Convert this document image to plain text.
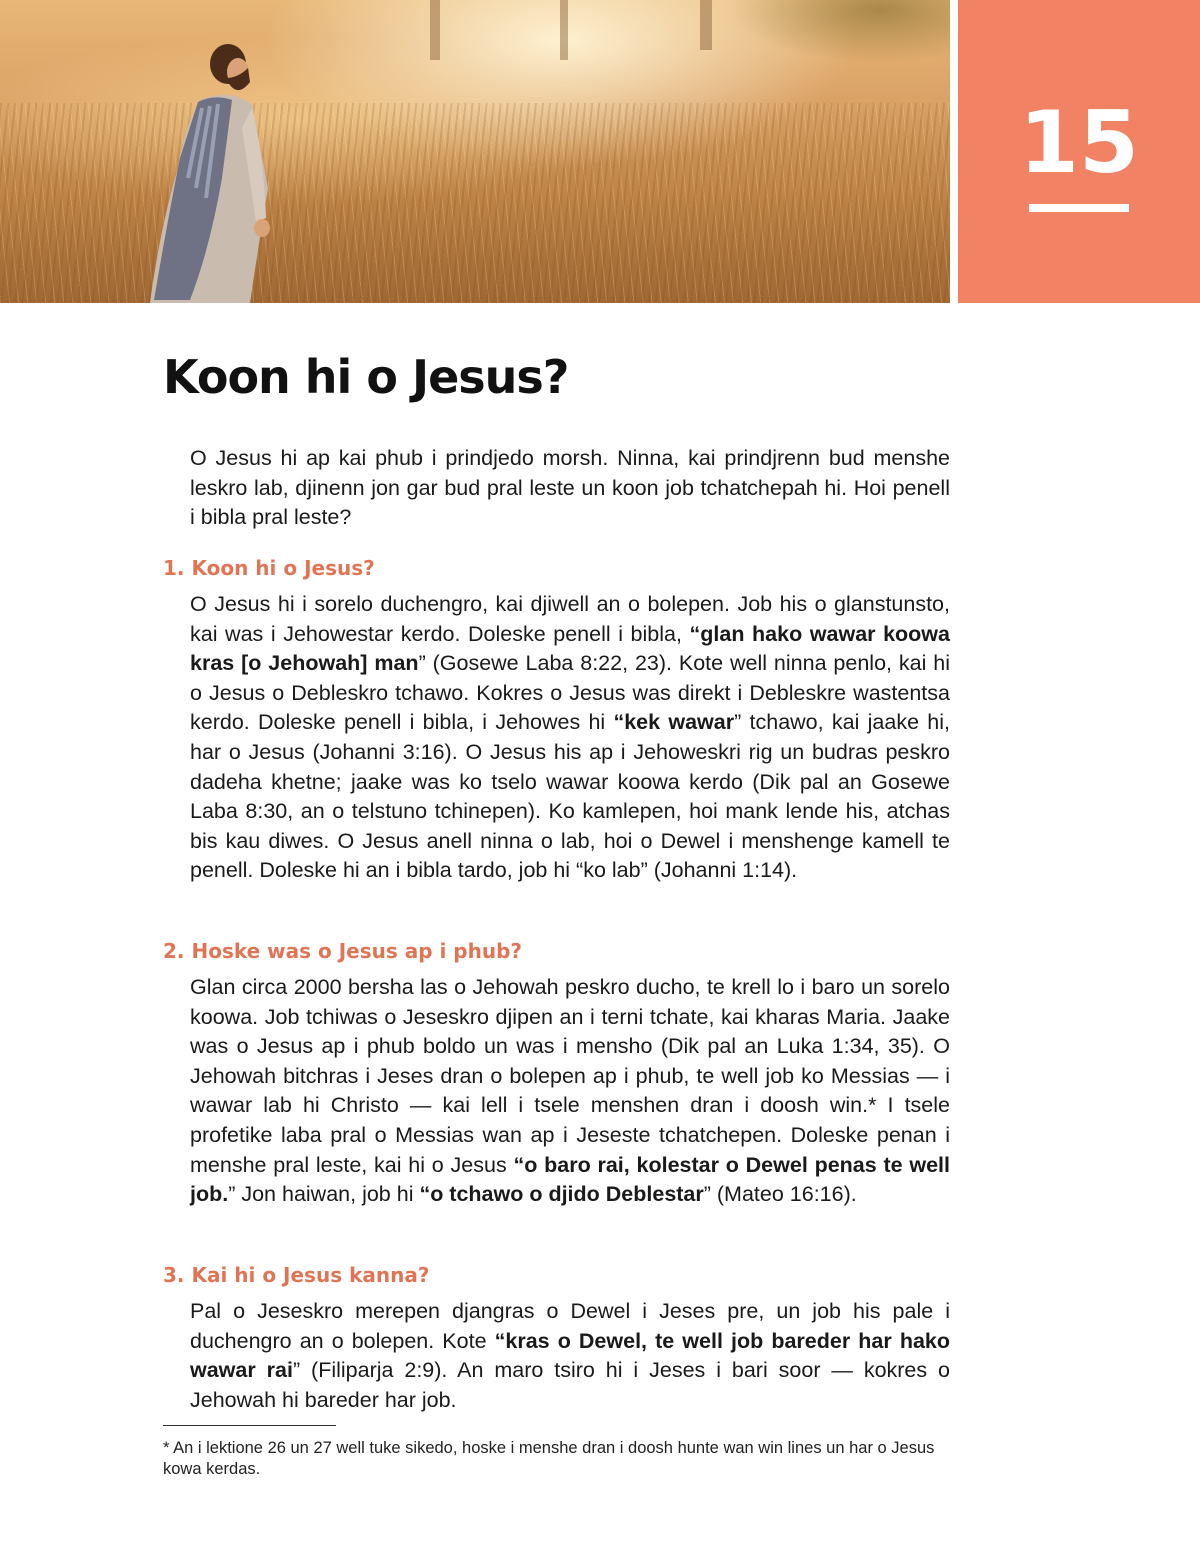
15
Koon hi o Jesus?

O Jesus hi ap kai phub i prindjedo morsh. Ninna, kai prindjrenn bud menshe leskro lab, djinenn jon gar bud pral leste un koon job tchatchepah hi. Hoi penell i bibla pral leste?

1. Koon hi o Jesus?

O Jesus hi i sorelo duchengro, kai djiwell an o bolepen. Job his o glanstunsto, kai was i Jehowestar kerdo. Doleske penell i bibla, “glan hako wawar koowa kras [o Jehowah] man” (Gosewe Laba 8:22, 23). Kote well ninna penlo, kai hi o Jesus o Debleskro tchawo. Kokres o Jesus was direkt i Debleskre wastentsa kerdo. Doleske penell i bibla, i Jehowes hi “kek wawar” tchawo, kai jaake hi, har o Jesus (Johanni 3:16). O Jesus his ap i Jehoweskri rig un budras peskro dadeha khetne; jaake was ko tselo wawar koowa kerdo (Dik pal an Gosewe Laba 8:30, an o telstuno tchinepen). Ko kamlepen, hoi mank lende his, atchas bis kau diwes. O Jesus anell ninna o lab, hoi o Dewel i menshenge kamell te penell. Doleske hi an i bibla tardo, job hi “ko lab” (Johanni 1:14).

2. Hoske was o Jesus ap i phub?

Glan circa 2000 bersha las o Jehowah peskro ducho, te krell lo i baro un sorelo koowa. Job tchiwas o Jeseskro djipen an i terni tchate, kai kharas Maria. Jaake was o Jesus ap i phub boldo un was i mensho (Dik pal an Luka 1:34, 35). O Jehowah bitchras i Jeses dran o bolepen ap i phub, te well job ko Messias — i wawar lab hi Christo — kai lell i tsele menshen dran i doosh win.* I tsele profetike laba pral o Messias wan ap i Jeseste tchatchepen. Doleske penan i menshe pral leste, kai hi o Jesus “o baro rai, kolestar o Dewel penas te well job.” Jon haiwan, job hi “o tchawo o djido Deblestar” (Mateo 16:16).

3. Kai hi o Jesus kanna?

Pal o Jeseskro merepen djangras o Dewel i Jeses pre, un job his pale i duchengro an o bolepen. Kote “kras o Dewel, te well job bareder har hako wawar rai” (Filiparja 2:9). An maro tsiro hi i Jeses i bari soor — kokres o Jehowah hi bareder har job.

* An i lektione 26 un 27 well tuke sikedo, hoske i menshe dran i doosh hunte wan win lines un har o Jesus kowa kerdas.
